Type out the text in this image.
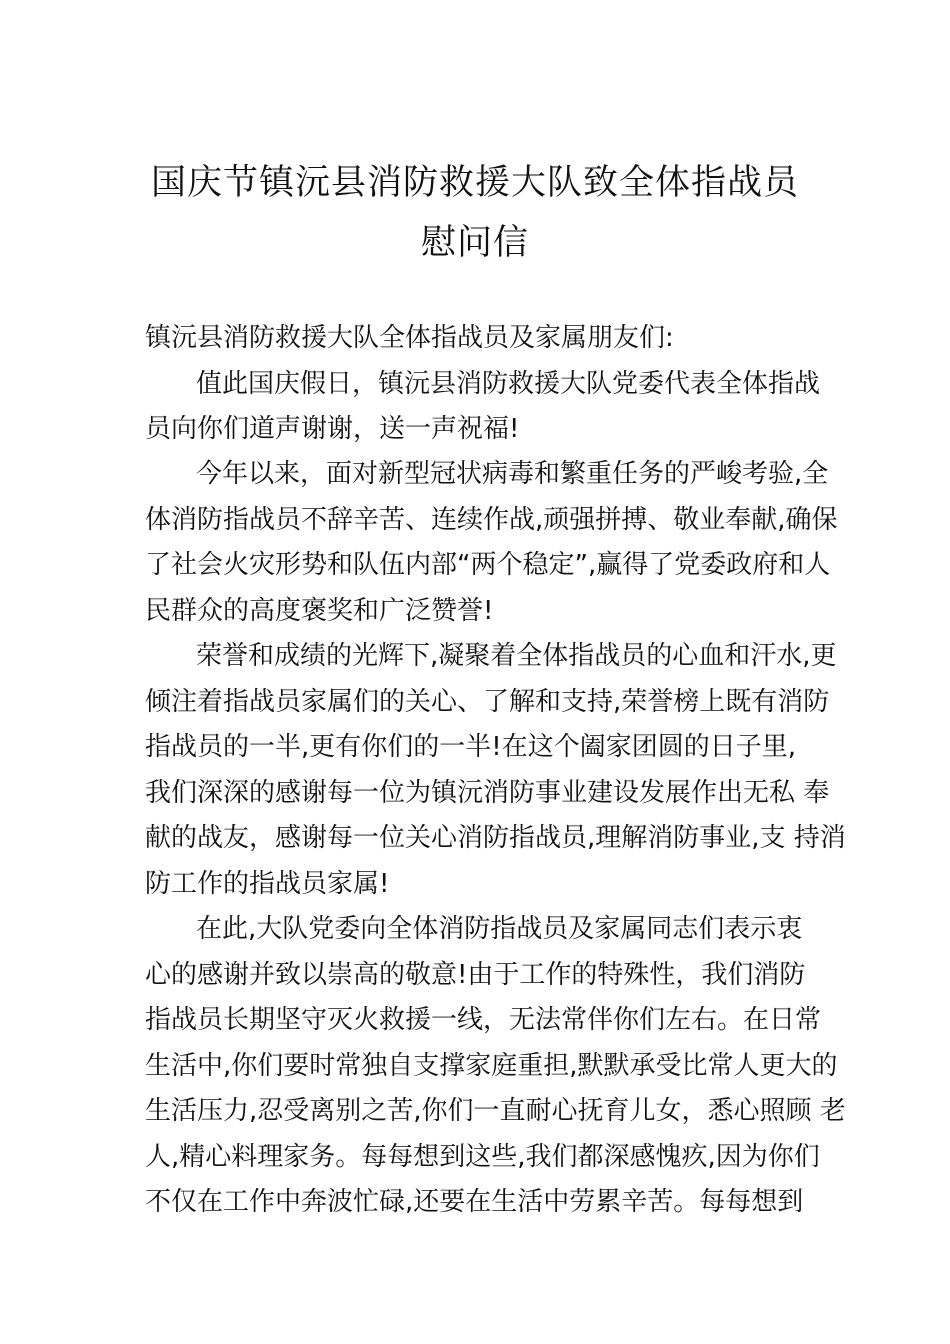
国庆节镇沅县消防救援大队致全体指战员
慰问信
镇沅县消防救援大队全体指战员及家属朋友们:
值此国庆假日，镇沅县消防救援大队党委代表全体指战
员向你们道声谢谢，送一声祝福!
今年以来，面对新型冠状病毒和繁重任务的严峻考验,全
体消防指战员不辞辛苦、连续作战,顽强拼搏、敬业奉献,确保
了社会火灾形势和队伍内部“两个稳定”,赢得了党委政府和人
民群众的高度褒奖和广泛赞誉!
荣誉和成绩的光辉下,凝聚着全体指战员的心血和汗水,更
倾注着指战员家属们的关心、了解和支持,荣誉榜上既有消防
指战员的一半,更有你们的一半!在这个阖家团圆的日子里,
我们深深的感谢每一位为镇沅消防事业建设发展作出无私 奉
献的战友，感谢每一位关心消防指战员,理解消防事业,支 持消
防工作的指战员家属!
在此,大队党委向全体消防指战员及家属同志们表示衷
心的感谢并致以崇高的敬意!由于工作的特殊性，我们消防
指战员长期坚守灭火救援一线，无法常伴你们左右。在日常
生活中,你们要时常独自支撑家庭重担,默默承受比常人更大的
生活压力,忍受离别之苦,你们一直耐心抚育儿女，悉心照顾 老
人,精心料理家务。每每想到这些,我们都深感愧疚,因为你们
不仅在工作中奔波忙碌,还要在生活中劳累辛苦。每每想到
